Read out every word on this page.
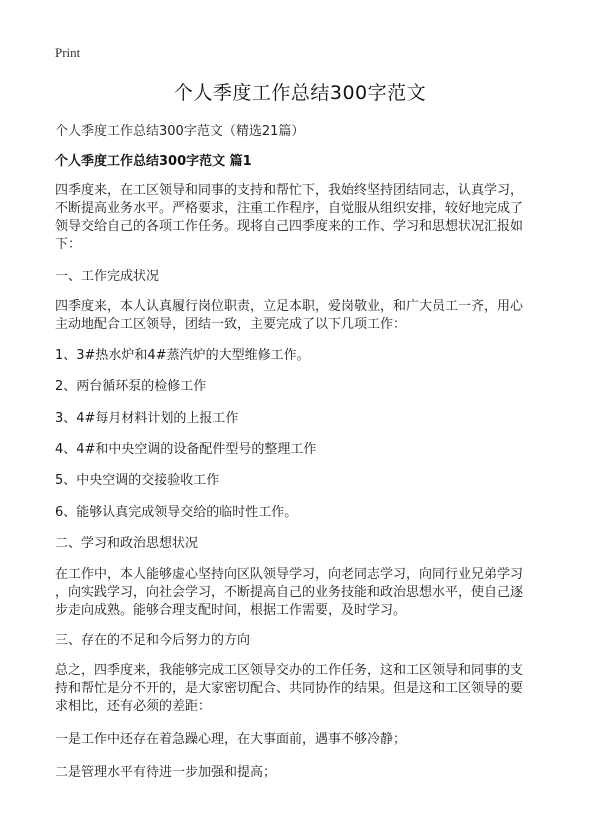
Print
个人季度工作总结300字范文
个人季度工作总结300字范文（精选21篇）
个人季度工作总结300字范文 篇1

四季度来，在工区领导和同事的支持和帮忙下，我始终坚持团结同志，认真学习，
不断提高业务水平。严格要求，注重工作程序，自觉服从组织安排，较好地完成了
领导交给自己的各项工作任务。现将自己四季度来的工作、学习和思想状况汇报如
下：

一、工作完成状况

四季度来，本人认真履行岗位职责，立足本职，爱岗敬业，和广大员工一齐，用心
主动地配合工区领导，团结一致，主要完成了以下几项工作：

1、3#热水炉和4#蒸汽炉的大型维修工作。

2、两台循环泵的检修工作

3、4#每月材料计划的上报工作

4、4#和中央空调的设备配件型号的整理工作

5、中央空调的交接验收工作

6、能够认真完成领导交给的临时性工作。

二、学习和政治思想状况

在工作中，本人能够虚心坚持向区队领导学习，向老同志学习，向同行业兄弟学习
，向实践学习，向社会学习，不断提高自己的业务技能和政治思想水平，使自己逐
步走向成熟。能够合理支配时间，根据工作需要，及时学习。

三、存在的不足和今后努力的方向

总之，四季度来，我能够完成工区领导交办的工作任务，这和工区领导和同事的支
持和帮忙是分不开的，是大家密切配合、共同协作的结果。但是这和工区领导的要
求相比，还有必须的差距：

一是工作中还存在着急躁心理，在大事面前，遇事不够冷静；

二是管理水平有待进一步加强和提高；
